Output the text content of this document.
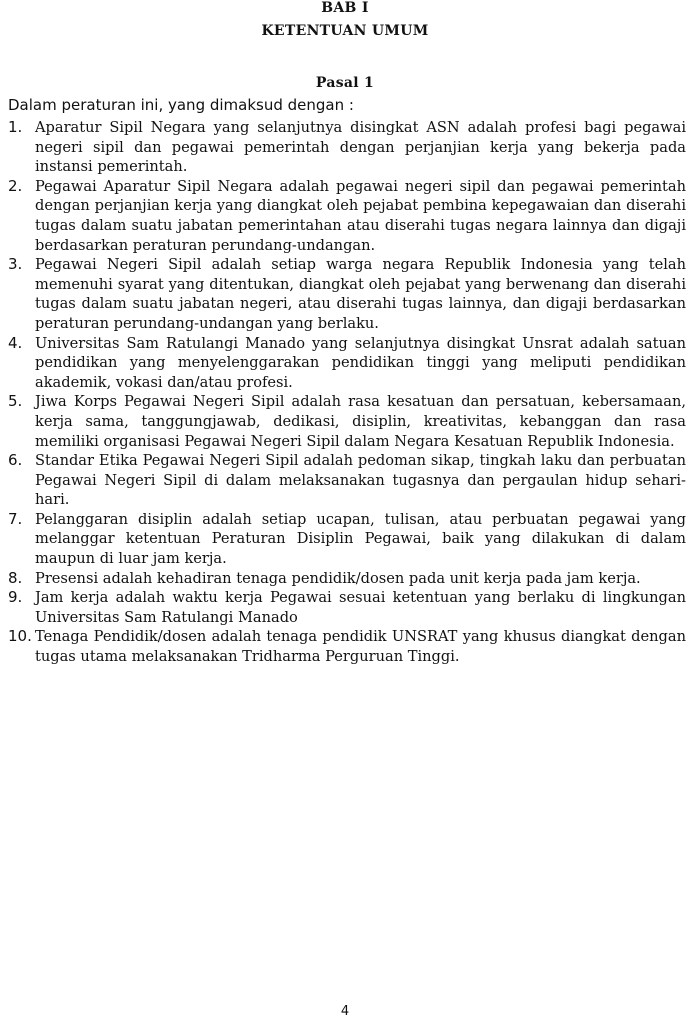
BAB I
KETENTUAN UMUM
Pasal 1
Dalam peraturan ini, yang dimaksud dengan :
1. Aparatur Sipil Negara yang selanjutnya disingkat ASN adalah profesi bagi pegawai negeri sipil dan pegawai pemerintah dengan perjanjian kerja yang bekerja pada instansi pemerintah.
2. Pegawai Aparatur Sipil Negara adalah pegawai negeri sipil dan pegawai pemerintah dengan perjanjian kerja yang diangkat oleh pejabat pembina kepegawaian dan diserahi tugas dalam suatu jabatan pemerintahan atau diserahi tugas negara lainnya dan digaji berdasarkan peraturan perundang-undangan.
3. Pegawai Negeri Sipil adalah setiap warga negara Republik Indonesia yang telah memenuhi syarat yang ditentukan, diangkat oleh pejabat yang berwenang dan diserahi tugas dalam suatu jabatan negeri, atau diserahi tugas lainnya, dan digaji berdasarkan peraturan perundang-undangan yang berlaku.
4. Universitas Sam Ratulangi Manado yang selanjutnya disingkat Unsrat adalah satuan pendidikan yang menyelenggarakan pendidikan tinggi yang meliputi pendidikan akademik, vokasi dan/atau profesi.
5. Jiwa Korps Pegawai Negeri Sipil adalah rasa kesatuan dan persatuan, kebersamaan, kerja sama, tanggungjawab, dedikasi, disiplin, kreativitas, kebanggan dan rasa memiliki organisasi Pegawai Negeri Sipil dalam Negara Kesatuan Republik Indonesia.
6. Standar Etika Pegawai Negeri Sipil adalah pedoman sikap, tingkah laku dan perbuatan Pegawai Negeri Sipil di dalam melaksanakan tugasnya dan pergaulan hidup sehari-hari.
7. Pelanggaran disiplin adalah setiap ucapan, tulisan, atau perbuatan pegawai yang melanggar ketentuan Peraturan Disiplin Pegawai, baik yang dilakukan di dalam maupun di luar jam kerja.
8. Presensi adalah kehadiran tenaga pendidik/dosen pada unit kerja pada jam kerja.
9. Jam kerja adalah waktu kerja Pegawai sesuai ketentuan yang berlaku di lingkungan Universitas Sam Ratulangi Manado
10. Tenaga Pendidik/dosen adalah tenaga pendidik UNSRAT yang khusus diangkat dengan tugas utama melaksanakan Tridharma Perguruan Tinggi.
4
